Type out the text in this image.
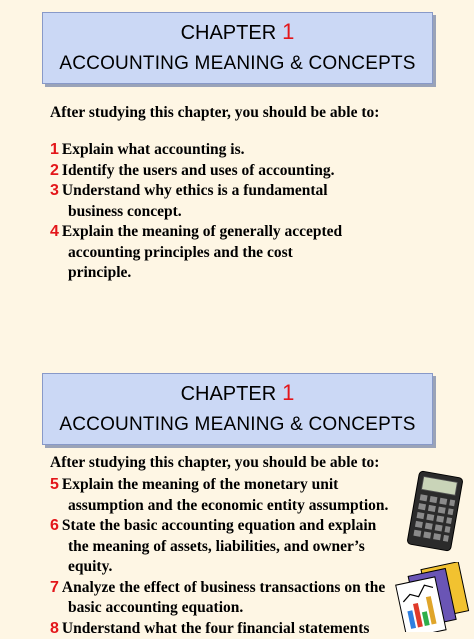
CHAPTER 1
ACCOUNTING MEANING & CONCEPTS
After studying this chapter, you should be able to:
1 Explain what accounting is.
2 Identify the users and uses of accounting.
3 Understand why ethics is a fundamental
business concept.
4 Explain the meaning of generally accepted
accounting principles and the cost
principle.
CHAPTER 1
ACCOUNTING MEANING & CONCEPTS
After studying this chapter, you should be able to:
5 Explain the meaning of the monetary unit
assumption and the economic entity assumption.
6 State the basic accounting equation and explain
the meaning of assets, liabilities, and owner’s
equity.
7 Analyze the effect of business transactions on the
basic accounting equation.
8 Understand what the four financial statements
